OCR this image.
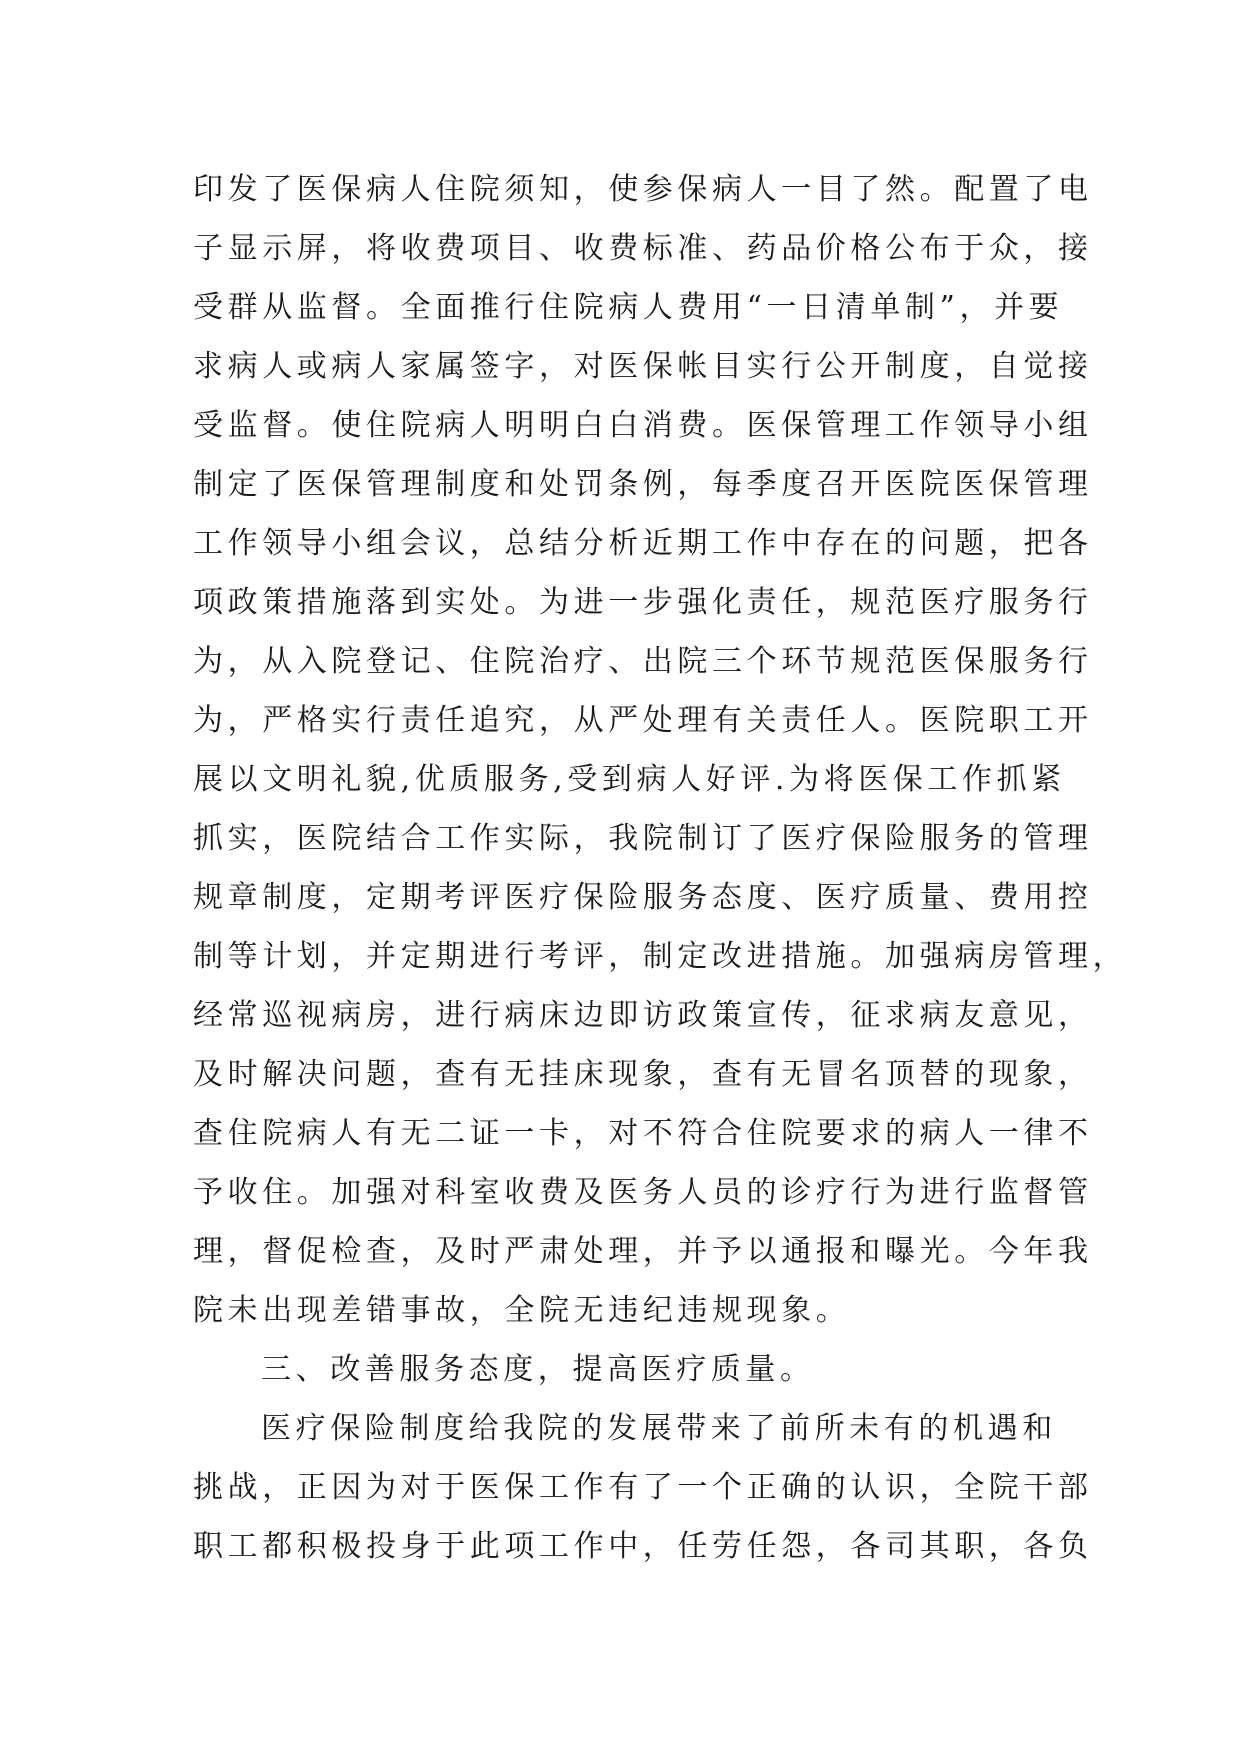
印发了医保病人住院须知，使参保病人一目了然。配置了电
子显示屏，将收费项目、收费标准、药品价格公布于众，接
受群从监督。全面推行住院病人费用“一日清单制”，并要
求病人或病人家属签字，对医保帐目实行公开制度，自觉接
受监督。使住院病人明明白白消费。医保管理工作领导小组
制定了医保管理制度和处罚条例，每季度召开医院医保管理
工作领导小组会议，总结分析近期工作中存在的问题，把各
项政策措施落到实处。为进一步强化责任，规范医疗服务行
为，从入院登记、住院治疗、出院三个环节规范医保服务行
为，严格实行责任追究，从严处理有关责任人。医院职工开
展以文明礼貌,优质服务,受到病人好评.为将医保工作抓紧
抓实，医院结合工作实际，我院制订了医疗保险服务的管理
规章制度，定期考评医疗保险服务态度、医疗质量、费用控
制等计划，并定期进行考评，制定改进措施。加强病房管理，
经常巡视病房，进行病床边即访政策宣传，征求病友意见，
及时解决问题，查有无挂床现象，查有无冒名顶替的现象，
查住院病人有无二证一卡，对不符合住院要求的病人一律不
予收住。加强对科室收费及医务人员的诊疗行为进行监督管
理，督促检查，及时严肃处理，并予以通报和曝光。今年我
院未出现差错事故，全院无违纪违规现象。
三、改善服务态度，提高医疗质量。
医疗保险制度给我院的发展带来了前所未有的机遇和
挑战，正因为对于医保工作有了一个正确的认识，全院干部
职工都积极投身于此项工作中，任劳任怨，各司其职，各负
